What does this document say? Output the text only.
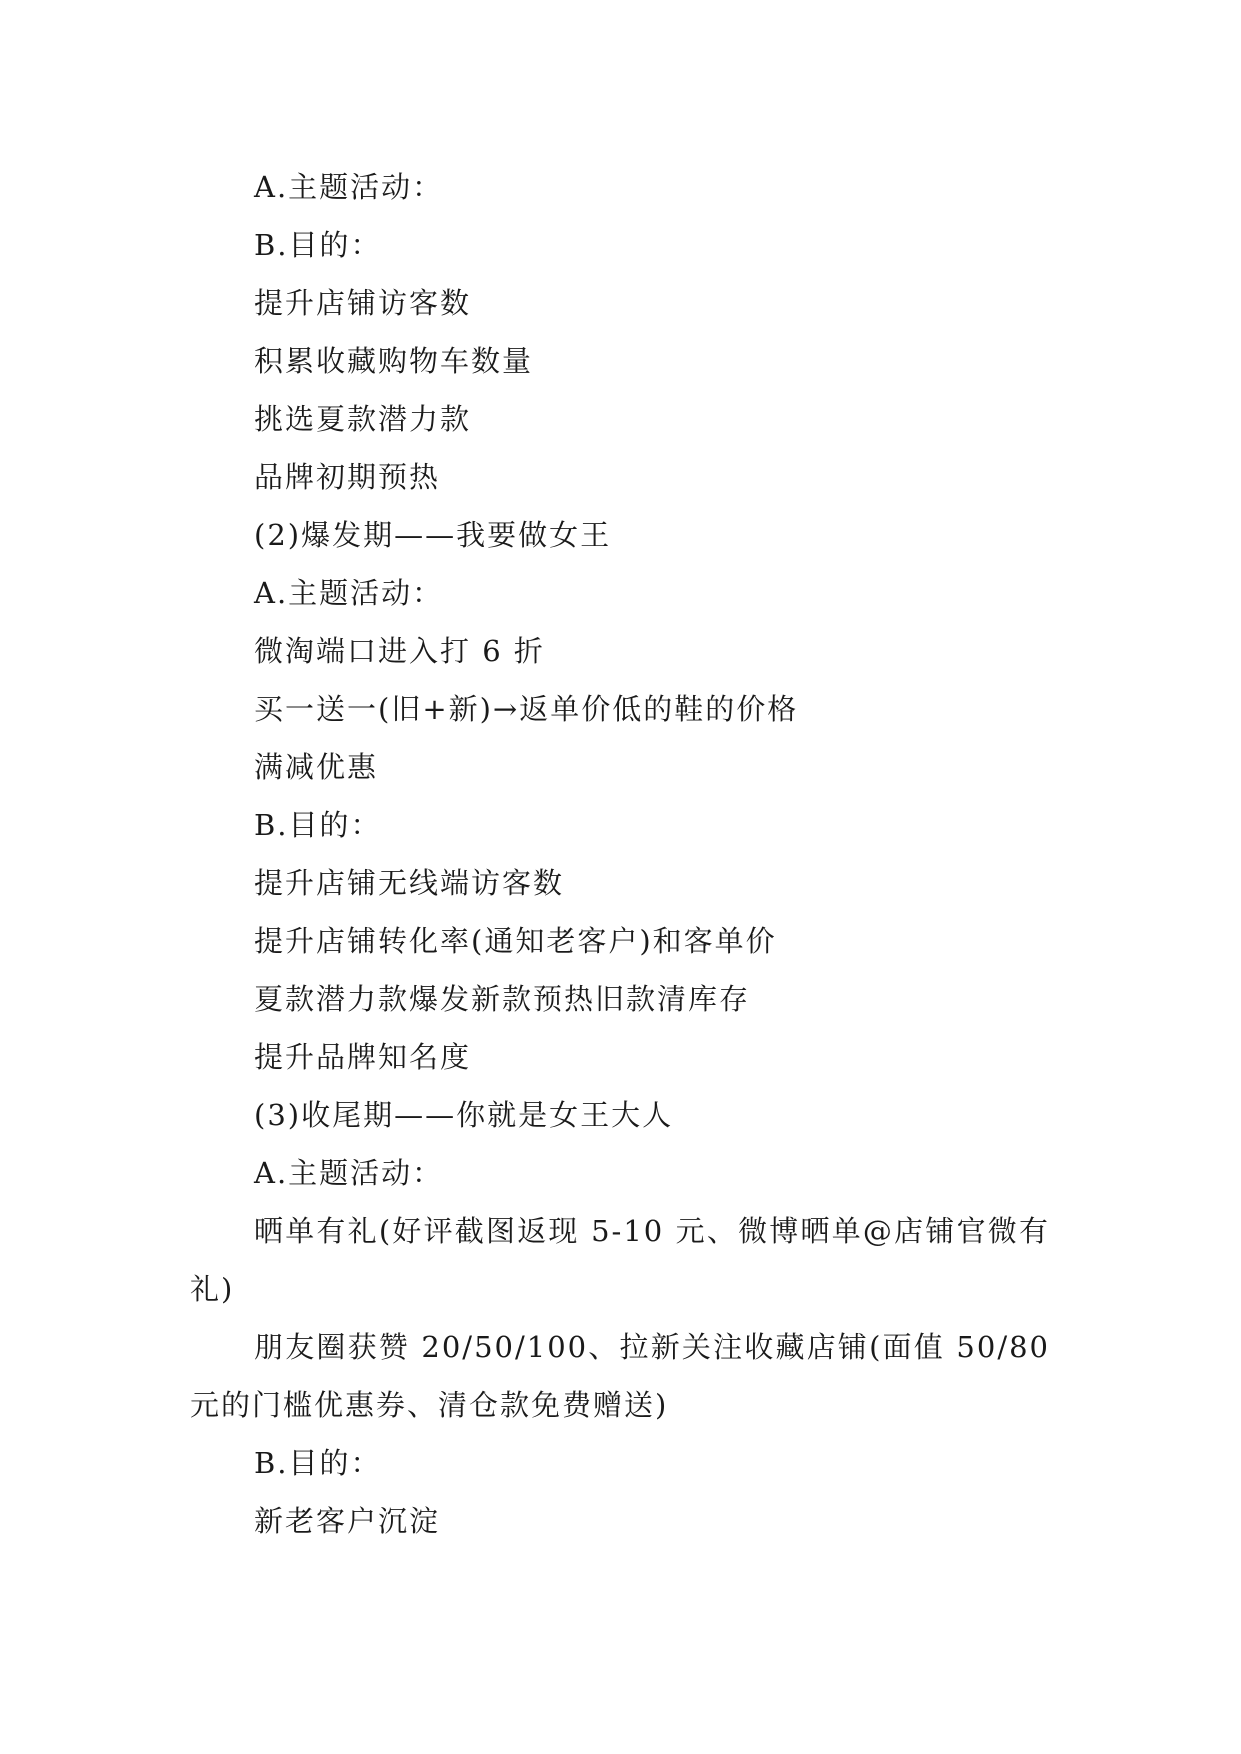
A.主题活动：
B.目的：
提升店铺访客数
积累收藏购物车数量
挑选夏款潜力款
品牌初期预热
(2)爆发期——我要做女王
A.主题活动：
微淘端口进入打 6 折
买一送一(旧+新)→返单价低的鞋的价格
满减优惠
B.目的：
提升店铺无线端访客数
提升店铺转化率(通知老客户)和客单价
夏款潜力款爆发新款预热旧款清库存
提升品牌知名度
(3)收尾期——你就是女王大人
A.主题活动：
晒单有礼(好评截图返现 5-10 元、微博晒单@店铺官微有礼)
朋友圈获赞 20/50/100、拉新关注收藏店铺(面值 50/80 元的门槛优惠券、清仓款免费赠送)
B.目的：
新老客户沉淀
